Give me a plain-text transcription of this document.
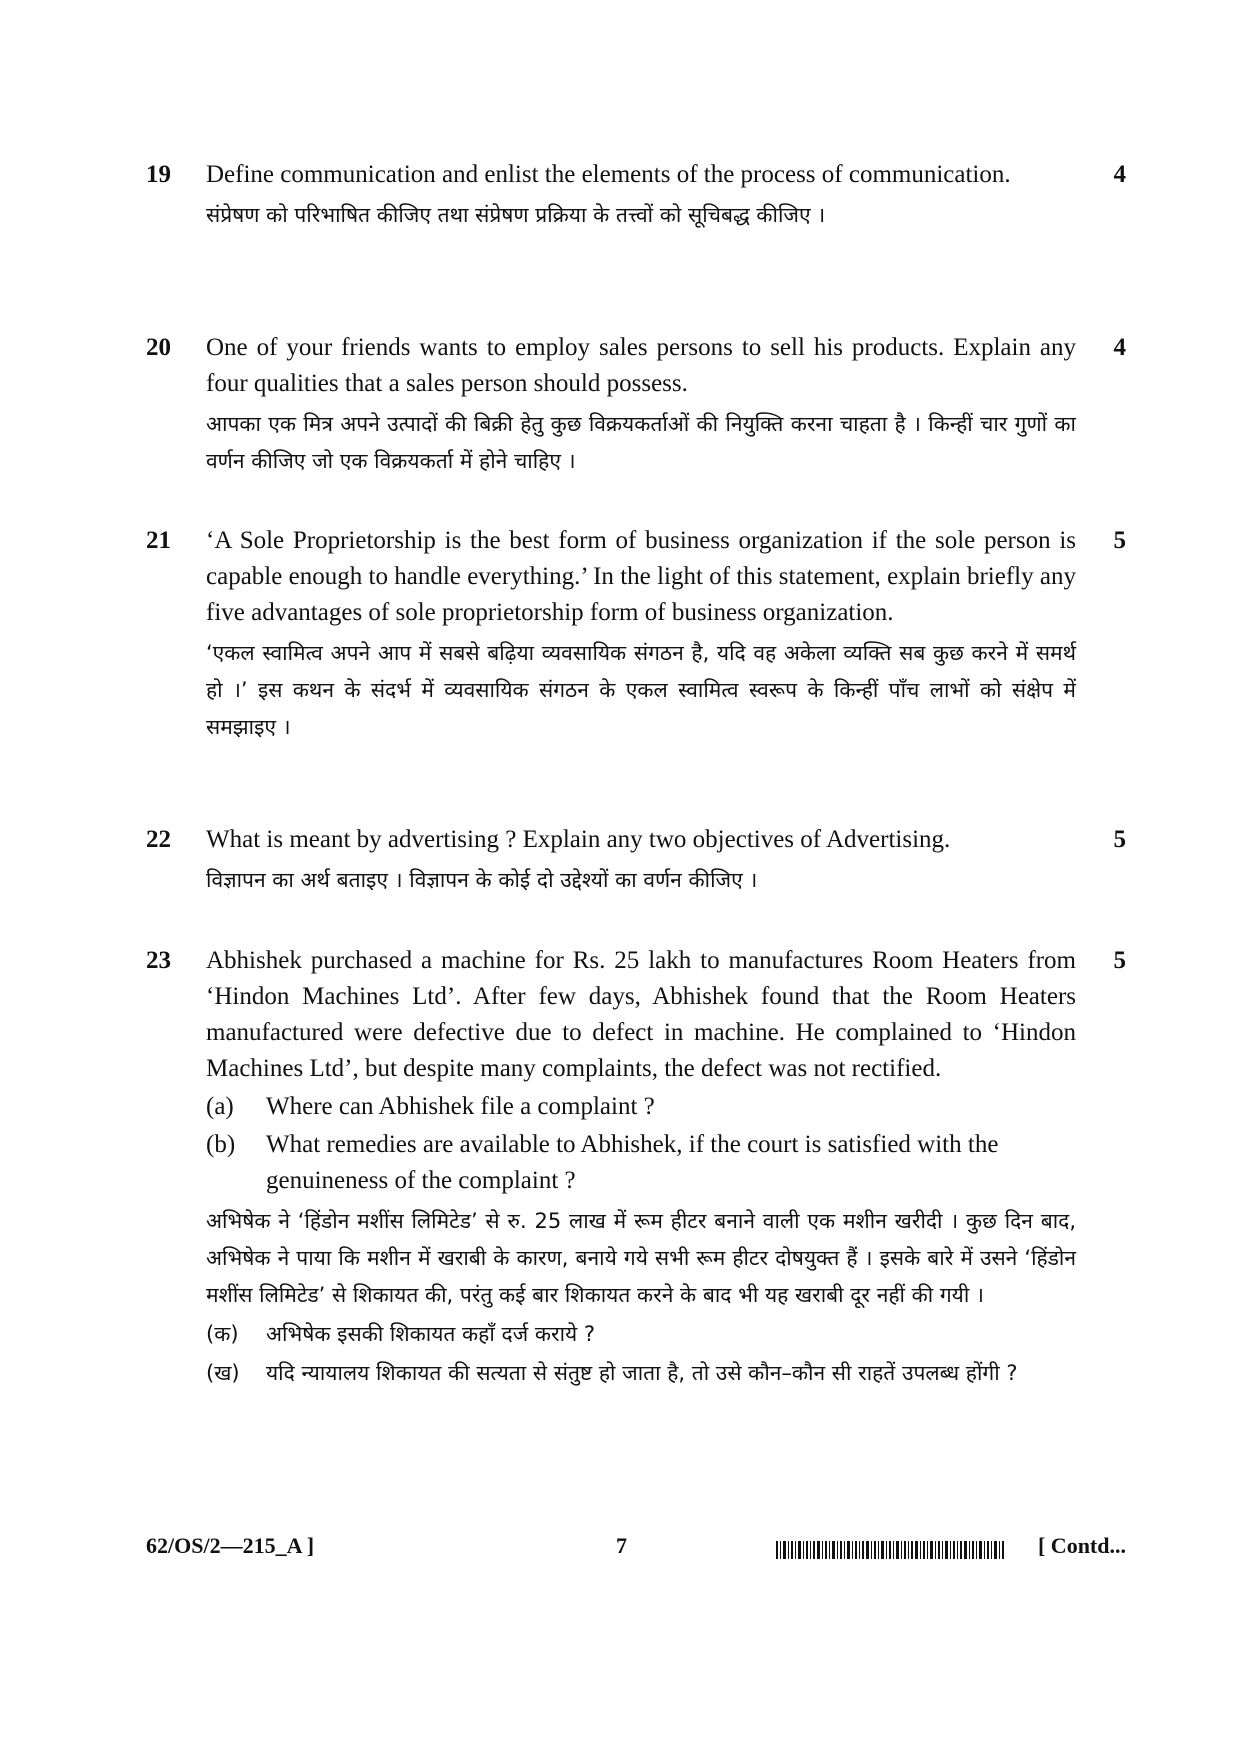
19	4
Define communication and enlist the elements of the process of communication.
संप्रेषण को परिभाषित कीजिए तथा संप्रेषण प्रक्रिया के तत्त्वों को सूचिबद्ध कीजिए ।
20	4
One of your friends wants to employ sales persons to sell his products. Explain any four qualities that a sales person should possess.
आपका एक मित्र अपने उत्पादों की बिक्री हेतु कुछ विक्रयकर्ताओं की नियुक्ति करना चाहता है । किन्हीं चार गुणों का वर्णन कीजिए जो एक विक्रयकर्ता में होने चाहिए ।
21	5
‘A Sole Proprietorship is the best form of business organization if the sole person is capable enough to handle everything.’ In the light of this statement, explain briefly any five advantages of sole proprietorship form of business organization.
‘एकल स्वामित्व अपने आप में सबसे बढ़िया व्यवसायिक संगठन है, यदि वह अकेला व्यक्ति सब कुछ करने में समर्थ हो ।’ इस कथन के संदर्भ में व्यवसायिक संगठन के एकल स्वामित्व स्वरूप के किन्हीं पाँच लाभों को संक्षेप में समझाइए ।
22	5
What is meant by advertising ? Explain any two objectives of Advertising.
विज्ञापन का अर्थ बताइए । विज्ञापन के कोई दो उद्देश्यों का वर्णन कीजिए ।
23	5
Abhishek purchased a machine for Rs. 25 lakh to manufactures Room Heaters from ‘Hindon Machines Ltd’. After few days, Abhishek found that the Room Heaters manufactured were defective due to defect in machine. He complained to ‘Hindon Machines Ltd’, but despite many complaints, the defect was not rectified.
(a)	Where can Abhishek file a complaint ?
(b)	What remedies are available to Abhishek, if the court is satisfied with the genuineness of the complaint ?
अभिषेक ने ‘हिंडोन मशींस लिमिटेड’ से रु. 25 लाख में रूम हीटर बनाने वाली एक मशीन खरीदी । कुछ दिन बाद, अभिषेक ने पाया कि मशीन में खराबी के कारण, बनाये गये सभी रूम हीटर दोषयुक्त हैं । इसके बारे में उसने ‘हिंडोन मशींस लिमिटेड’ से शिकायत की, परंतु कई बार शिकायत करने के बाद भी यह खराबी दूर नहीं की गयी ।
(क)	अभिषेक इसकी शिकायत कहाँ दर्ज कराये ?
(ख)	यदि न्यायालय शिकायत की सत्यता से संतुष्ट हो जाता है, तो उसे कौन–कौन सी राहतें उपलब्ध होंगी ?
62/OS/2—215_A ]	7	[ Contd...
